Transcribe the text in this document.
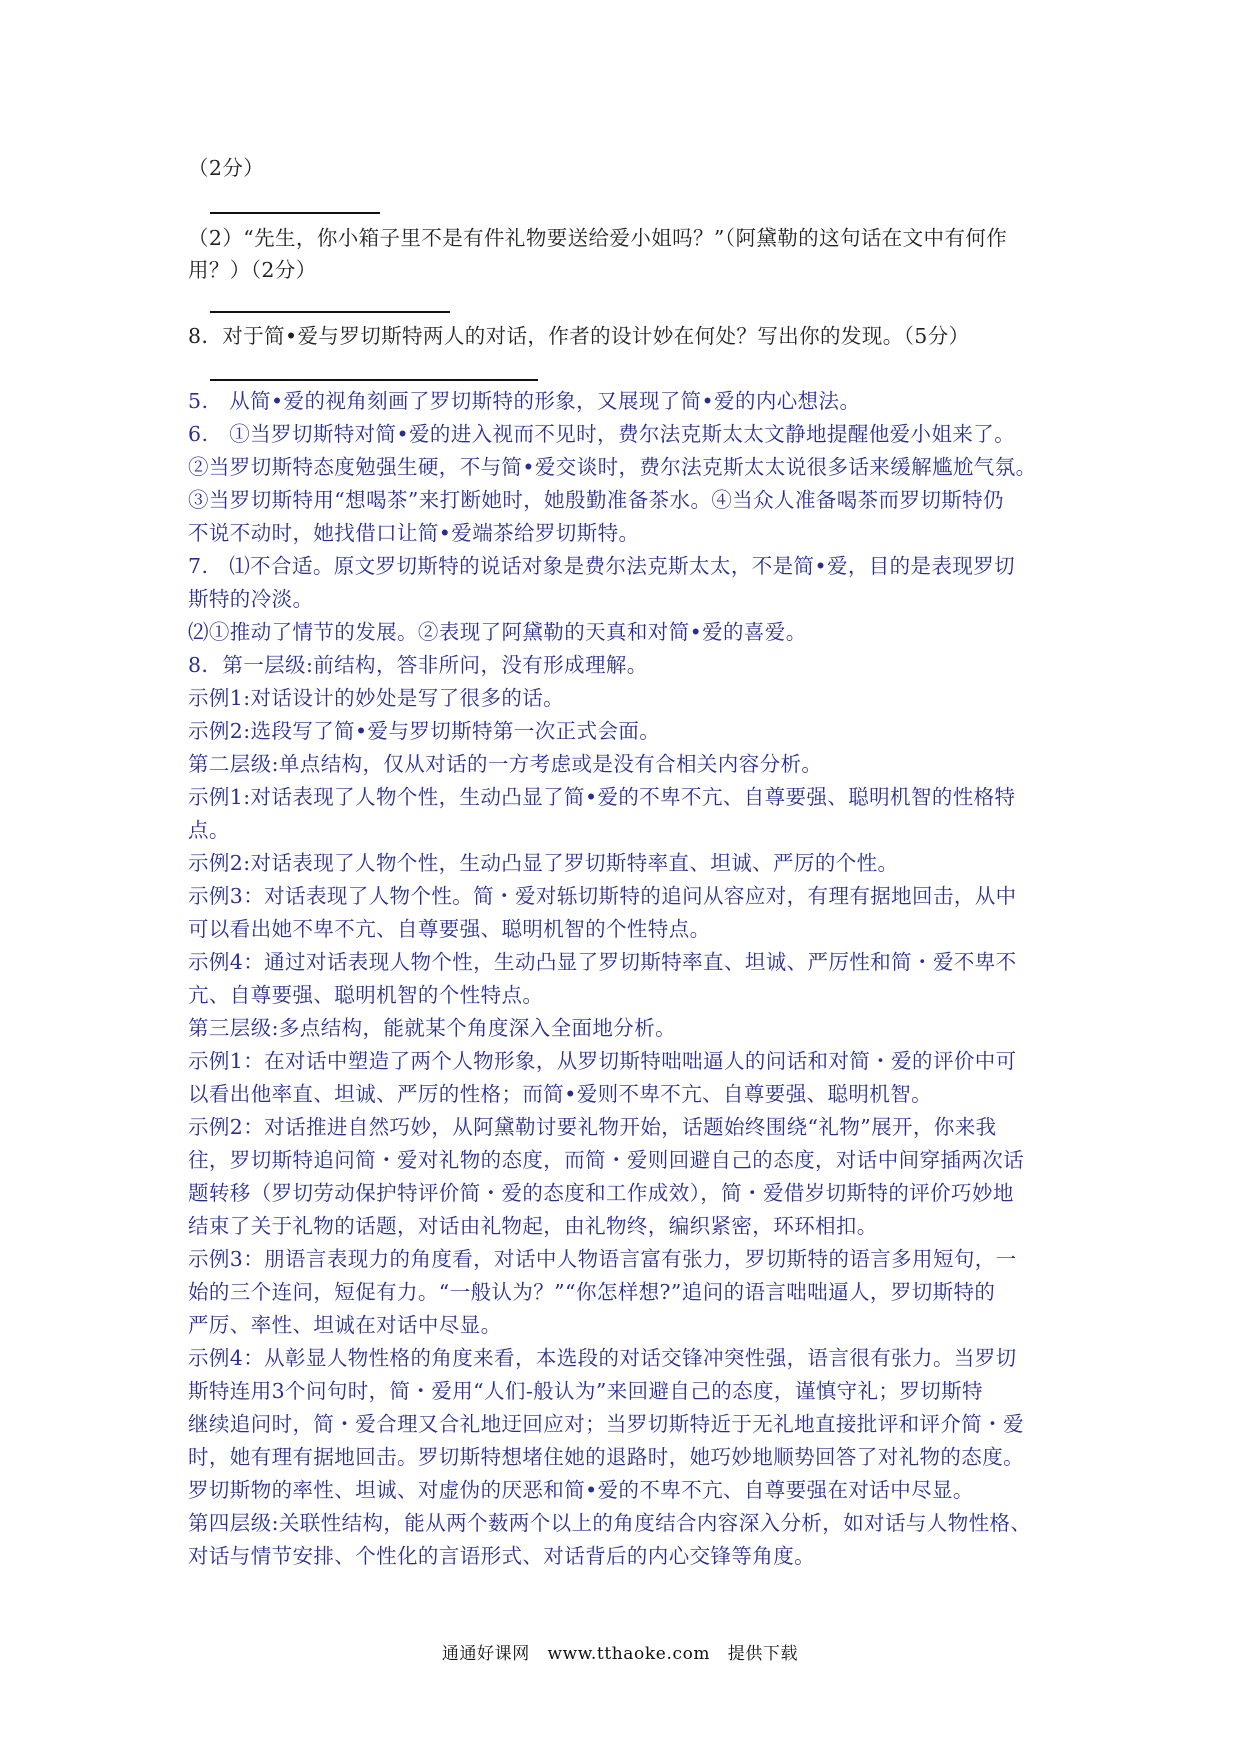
（2分）
（2）“先生，你小箱子里不是有件礼物要送给爱小姐吗？”（阿黛勒的这句话在文中有何作
用？）（2分）
8．对于简•爱与罗切斯特两人的对话，作者的设计妙在何处？写出你的发现。（5分）
5.　从简•爱的视角刻画了罗切斯特的形象，又展现了简•爱的内心想法。
6.　①当罗切斯特对简•爱的进入视而不见时，费尔法克斯太太文静地提醒他爱小姐来了。
②当罗切斯特态度勉强生硬，不与简•爱交谈时，费尔法克斯太太说很多话来缓解尴尬气氛。
③当罗切斯特用“想喝茶”来打断她时，她殷勤准备茶水。④当众人准备喝茶而罗切斯特仍
不说不动时，她找借口让简•爱端茶给罗切斯特。
7.　⑴不合适。原文罗切斯特的说话对象是费尔法克斯太太，不是简•爱，目的是表现罗切
斯特的冷淡。
⑵①推动了情节的发展。②表现了阿黛勒的天真和对简•爱的喜爱。
8．第一层级:前结构，答非所问，没有形成理解。
示例1:对话设计的妙处是写了很多的话。
示例2:选段写了简•爱与罗切斯特第一次正式会面。
第二层级:单点结构，仅从对话的一方考虑或是没有合相关内容分析。
示例1:对话表现了人物个性，生动凸显了简•爱的不卑不亢、自尊要强、聪明机智的性格特
点。
示例2:对话表现了人物个性，生动凸显了罗切斯特率直、坦诚、严厉的个性。
示例3：对话表现了人物个性。简・爱对轹切斯特的追问从容应对，有理有据地回击，从中
可以看出她不卑不亢、自尊要强、聪明机智的个性特点。
示例4：通过对话表现人物个性，生动凸显了罗切斯特率直、坦诚、严厉性和简・爱不卑不
亢、自尊要强、聪明机智的个性特点。
第三层级:多点结构，能就某个角度深入全面地分析。
示例1：在对话中塑造了两个人物形象，从罗切斯特咄咄逼人的问话和对简・爱的评价中可
以看出他率直、坦诚、严厉的性格；而简•爱则不卑不亢、自尊要强、聪明机智。
示例2：对话推进自然巧妙，从阿黛勒讨要礼物开始，话题始终围绕“礼物”展开，你来我
往，罗切斯特追问简・爱对礼物的态度，而简・爱则回避自己的态度，对话中间穿插两次话
题转移（罗切劳动保护特评价简・爱的态度和工作成效），简・爱借岁切斯特的评价巧妙地
结束了关于礼物的话题，对话由礼物起，由礼物终，编织紧密，环环相扣。
示例3：朋语言表现力的角度看，对话中人物语言富有张力，罗切斯特的语言多用短句，一
始的三个连问，短促有力。“一般认为？”“你怎样想?”追问的语言咄咄逼人，罗切斯特的
严厉、率性、坦诚在对话中尽显。
示例4：从彰显人物性格的角度来看，本选段的对话交锋冲突性强，语言很有张力。当罗切
斯特连用3个问句时，简・爱用“人们-般认为”来回避自己的态度，谨慎守礼；罗切斯特
继续追问时，简・爱合理又合礼地迂回应对；当罗切斯特近于无礼地直接批评和评介简・爱
时，她有理有据地回击。罗切斯特想堵住她的退路时，她巧妙地顺势回答了对礼物的态度。
罗切斯物的率性、坦诚、对虚伪的厌恶和简•爱的不卑不亢、自尊要强在对话中尽显。
第四层级:关联性结构，能从两个薮两个以上的角度结合内容深入分析，如对话与人物性格、
对话与情节安排、个性化的言语形式、对话背后的内心交锋等角度。
通通好课网　www.tthaoke.com　提供下载
